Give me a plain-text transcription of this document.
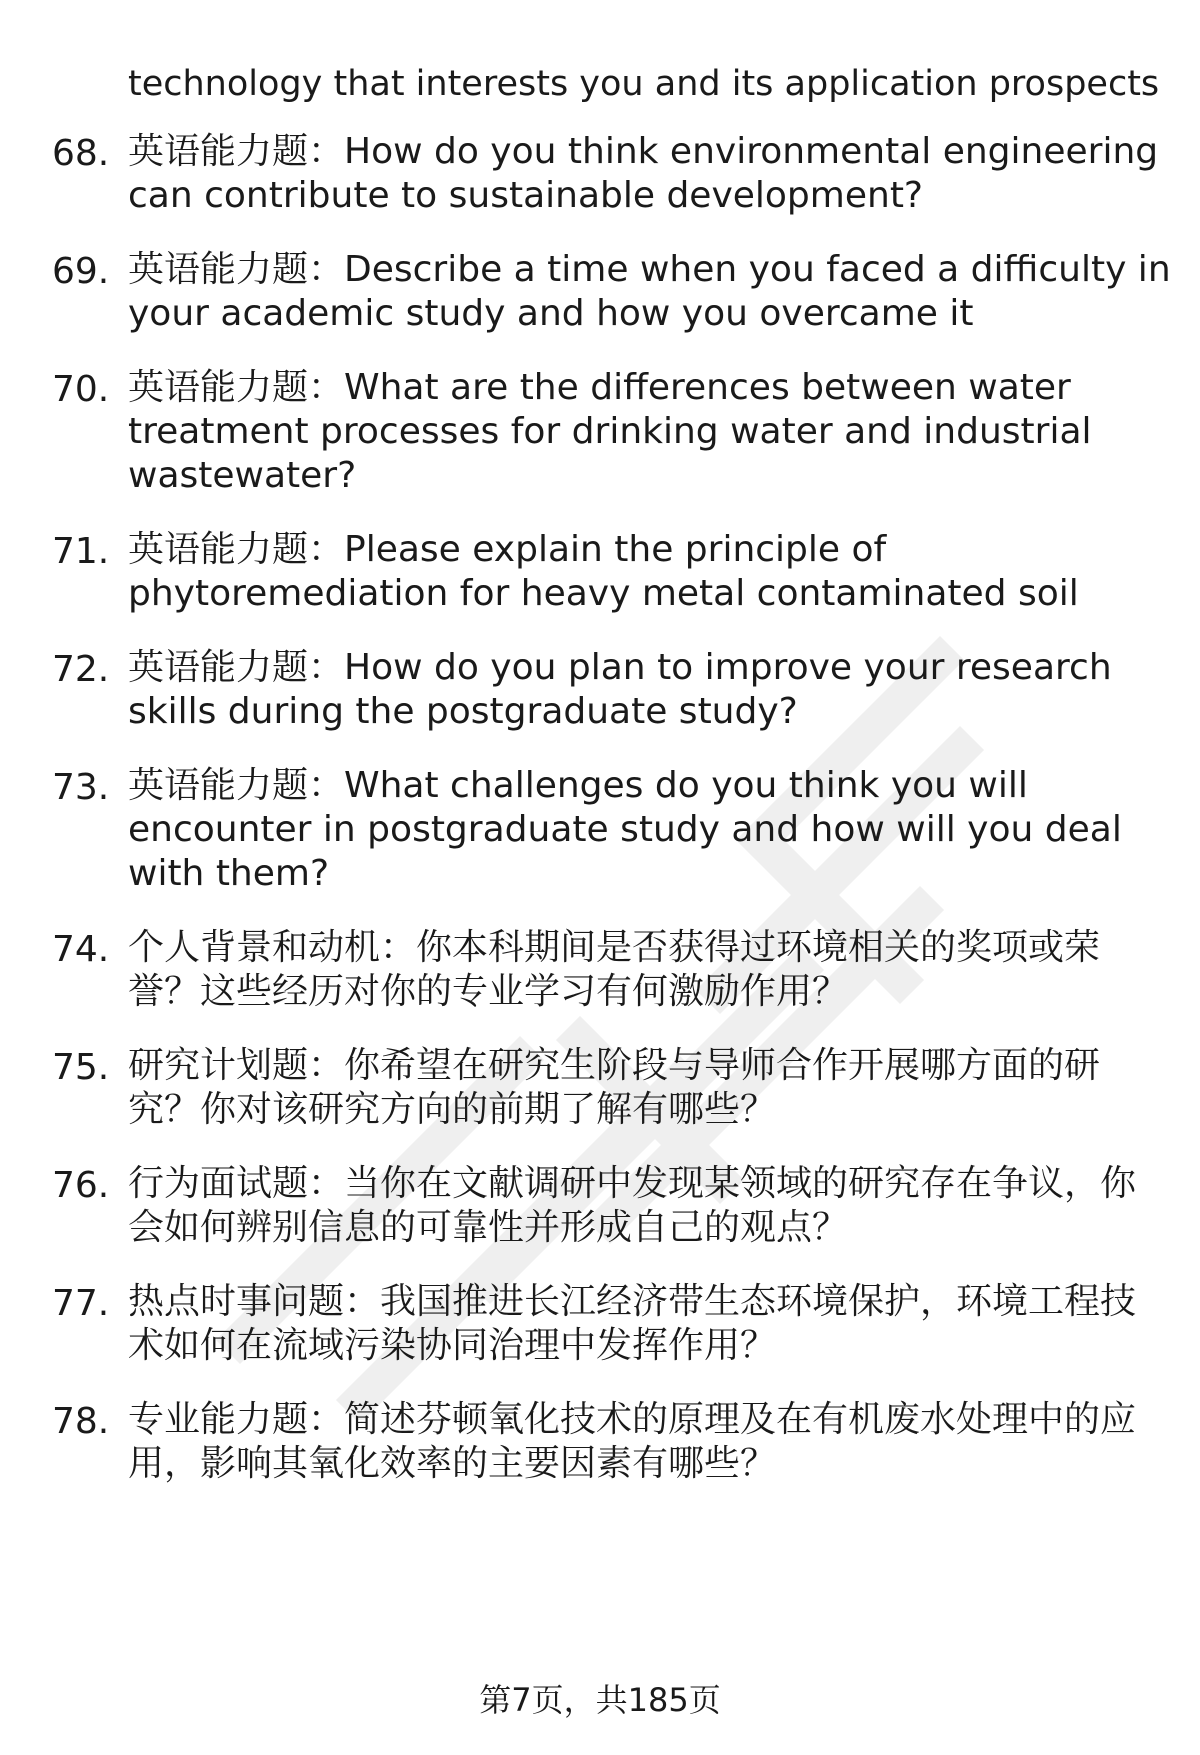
technology that interests you and its application prospects
68. 英语能力题：How do you think environmental engineering
can contribute to sustainable development?

69. 英语能力题：Describe a time when you faced a difficulty in
your academic study and how you overcame it

70. 英语能力题：What are the differences between water
treatment processes for drinking water and industrial
wastewater?

71. 英语能力题：Please explain the principle of
phytoremediation for heavy metal contaminated soil

72. 英语能力题：How do you plan to improve your research
skills during the postgraduate study?

73. 英语能力题：What challenges do you think you will
encounter in postgraduate study and how will you deal
with them?

74. 个人背景和动机：你本科期间是否获得过环境相关的奖项或荣
誉？这些经历对你的专业学习有何激励作用？

75. 研究计划题：你希望在研究生阶段与导师合作开展哪方面的研
究？你对该研究方向的前期了解有哪些？

76. 行为面试题：当你在文献调研中发现某领域的研究存在争议，你
会如何辨别信息的可靠性并形成自己的观点？

77. 热点时事问题：我国推进长江经济带生态环境保护，环境工程技
术如何在流域污染协同治理中发挥作用？

78. 专业能力题：简述芬顿氧化技术的原理及在有机废水处理中的应
用，影响其氧化效率的主要因素有哪些？

第7页，共185页
